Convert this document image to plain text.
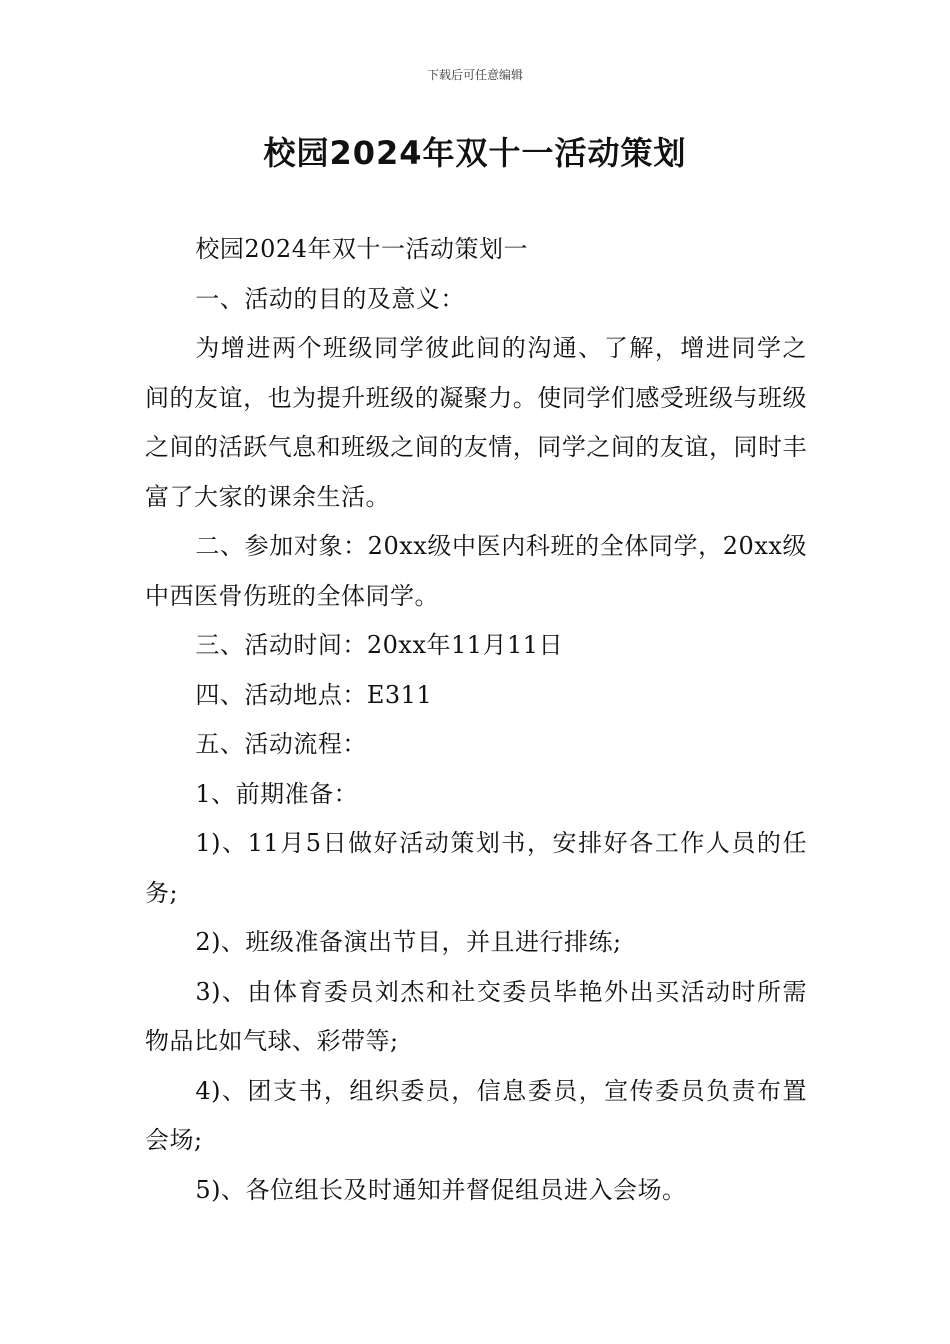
下载后可任意编辑
校园2024年双十一活动策划

校园2024年双十一活动策划一

一、活动的目的及意义：

为增进两个班级同学彼此间的沟通、了解，增进同学之间的友谊，也为提升班级的凝聚力。使同学们感受班级与班级之间的活跃气息和班级之间的友情，同学之间的友谊，同时丰富了大家的课余生活。

二、参加对象：20xx级中医内科班的全体同学，20xx级中西医骨伤班的全体同学。

三、活动时间：20xx年11月11日

四、活动地点：E311

五、活动流程：

1、前期准备：

1)、11月5日做好活动策划书，安排好各工作人员的任务;

2)、班级准备演出节目，并且进行排练;

3)、由体育委员刘杰和社交委员毕艳外出买活动时所需物品比如气球、彩带等;

4)、团支书，组织委员，信息委员，宣传委员负责布置会场;

5)、各位组长及时通知并督促组员进入会场。
